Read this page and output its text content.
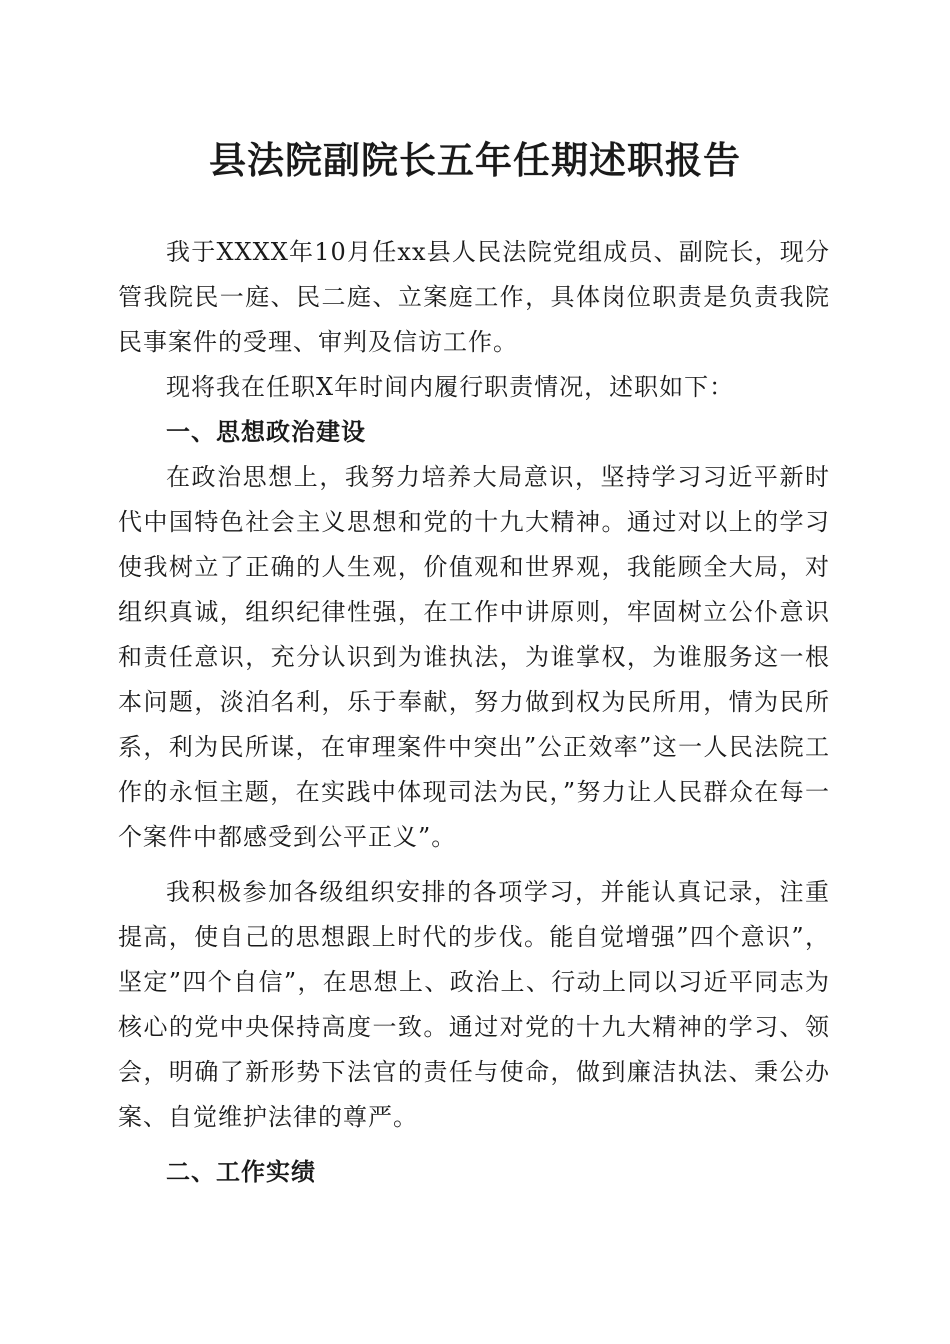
县法院副院长五年任期述职报告

我于XXXX年10月任xx县人民法院党组成员、副院长，现分管我院民一庭、民二庭、立案庭工作，具体岗位职责是负责我院民事案件的受理、审判及信访工作。

现将我在任职X年时间内履行职责情况，述职如下：

一、思想政治建设

在政治思想上，我努力培养大局意识，坚持学习习近平新时代中国特色社会主义思想和党的十九大精神。通过对以上的学习使我树立了正确的人生观，价值观和世界观，我能顾全大局，对组织真诚，组织纪律性强，在工作中讲原则，牢固树立公仆意识和责任意识，充分认识到为谁执法，为谁掌权，为谁服务这一根本问题，淡泊名利，乐于奉献，努力做到权为民所用，情为民所系，利为民所谋，在审理案件中突出”公正效率”这一人民法院工作的永恒主题，在实践中体现司法为民，”努力让人民群众在每一个案件中都感受到公平正义”。

我积极参加各级组织安排的各项学习，并能认真记录，注重提高，使自己的思想跟上时代的步伐。能自觉增强”四个意识”，坚定”四个自信”，在思想上、政治上、行动上同以习近平同志为核心的党中央保持高度一致。通过对党的十九大精神的学习、领会，明确了新形势下法官的责任与使命，做到廉洁执法、秉公办案、自觉维护法律的尊严。

二、工作实绩
